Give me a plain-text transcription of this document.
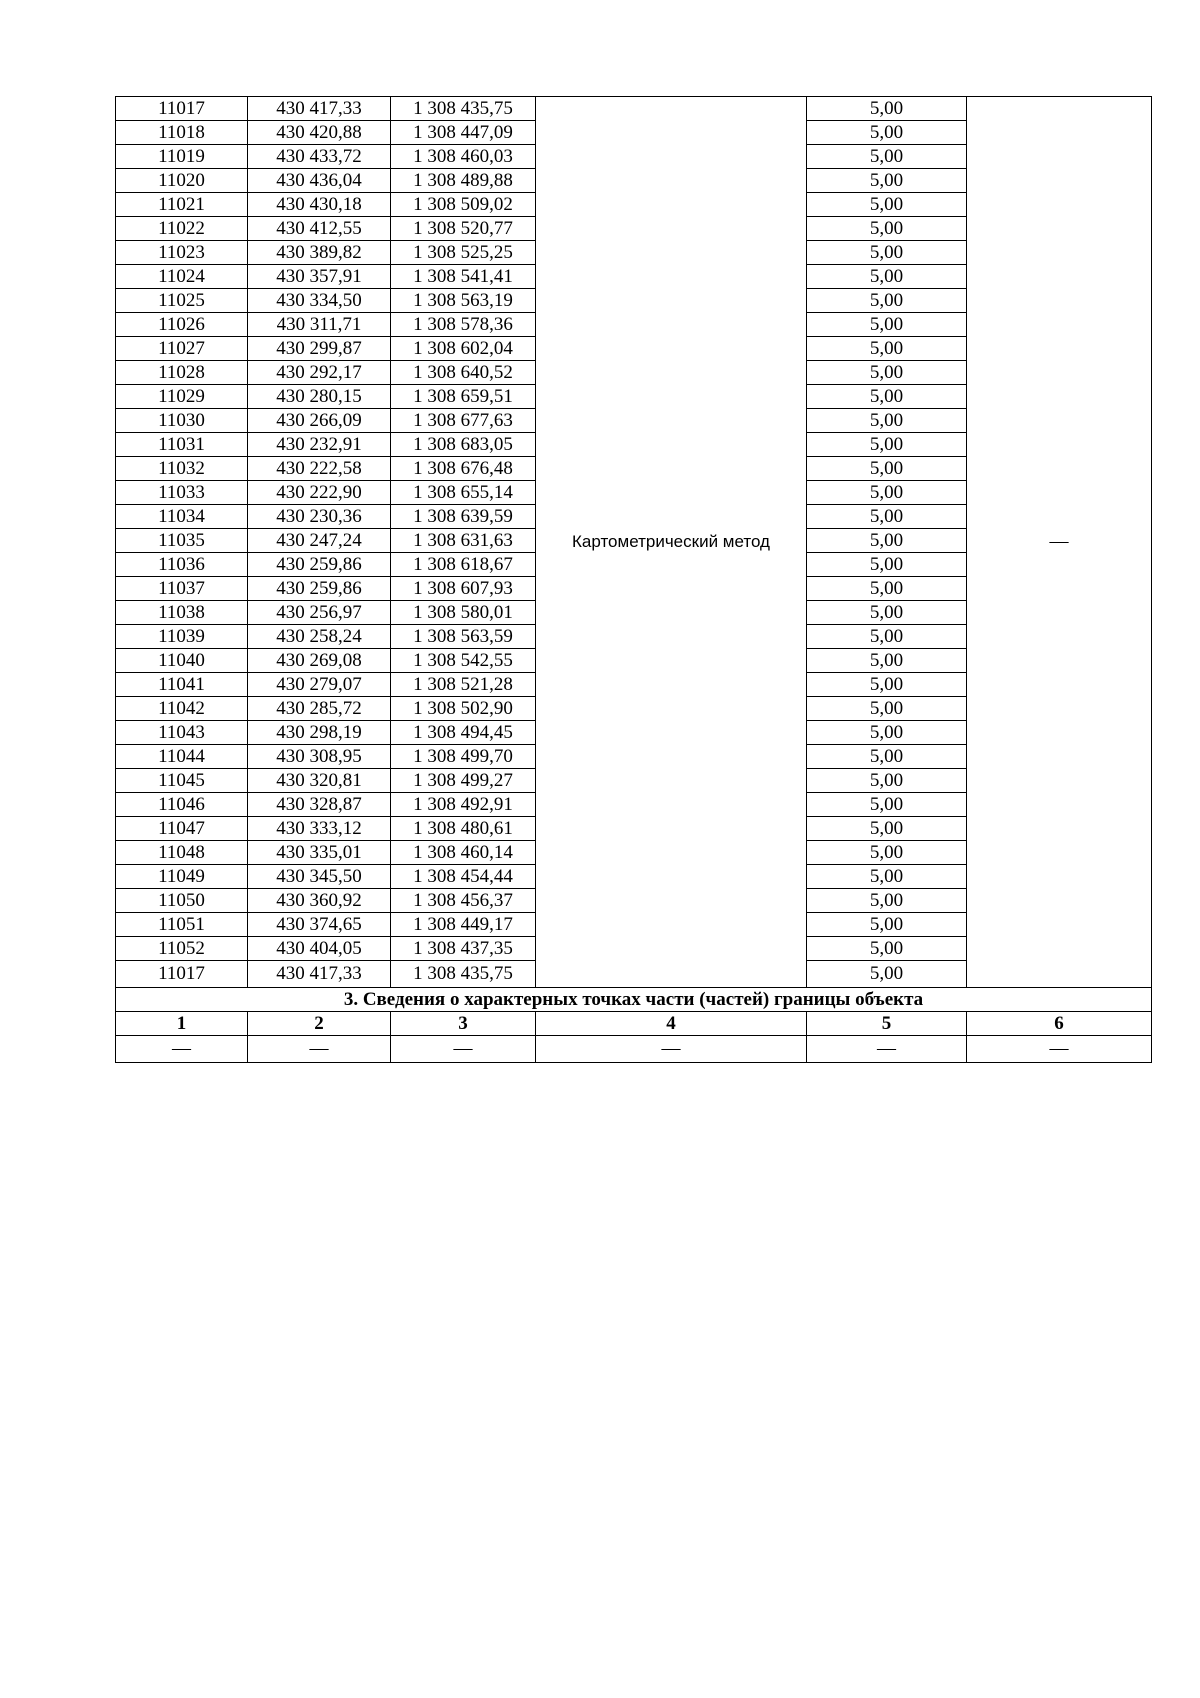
11017	430 417,33	1 308 435,75	Картометрический метод	5,00	—
11018	430 420,88	1 308 447,09		5,00	
11019	430 433,72	1 308 460,03		5,00	
11020	430 436,04	1 308 489,88		5,00	
11021	430 430,18	1 308 509,02		5,00	
11022	430 412,55	1 308 520,77		5,00	
11023	430 389,82	1 308 525,25		5,00	
11024	430 357,91	1 308 541,41		5,00	
11025	430 334,50	1 308 563,19		5,00	
11026	430 311,71	1 308 578,36		5,00	
11027	430 299,87	1 308 602,04		5,00	
11028	430 292,17	1 308 640,52		5,00	
11029	430 280,15	1 308 659,51		5,00	
11030	430 266,09	1 308 677,63		5,00	
11031	430 232,91	1 308 683,05		5,00	
11032	430 222,58	1 308 676,48		5,00	
11033	430 222,90	1 308 655,14		5,00	
11034	430 230,36	1 308 639,59		5,00	
11035	430 247,24	1 308 631,63		5,00	
11036	430 259,86	1 308 618,67		5,00	
11037	430 259,86	1 308 607,93		5,00	
11038	430 256,97	1 308 580,01		5,00	
11039	430 258,24	1 308 563,59		5,00	
11040	430 269,08	1 308 542,55		5,00	
11041	430 279,07	1 308 521,28		5,00	
11042	430 285,72	1 308 502,90		5,00	
11043	430 298,19	1 308 494,45		5,00	
11044	430 308,95	1 308 499,70		5,00	
11045	430 320,81	1 308 499,27		5,00	
11046	430 328,87	1 308 492,91		5,00	
11047	430 333,12	1 308 480,61		5,00	
11048	430 335,01	1 308 460,14		5,00	
11049	430 345,50	1 308 454,44		5,00	
11050	430 360,92	1 308 456,37		5,00	
11051	430 374,65	1 308 449,17		5,00	
11052	430 404,05	1 308 437,35		5,00	
11017	430 417,33	1 308 435,75		5,00	
3. Сведения о характерных точках части (частей) границы объекта					
1	2	3	4	5	6
—	—	—	—	—	—
